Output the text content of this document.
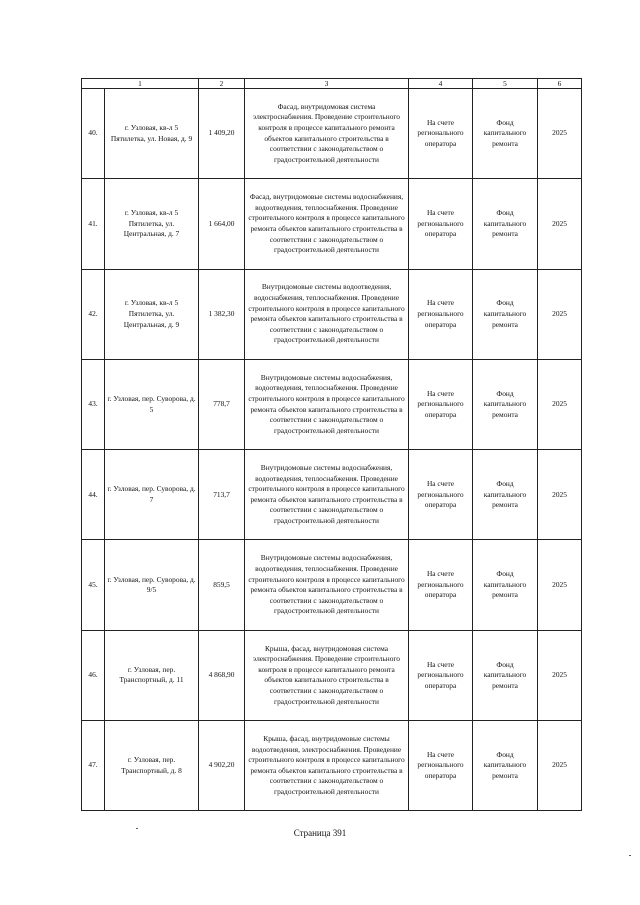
1		2	3	4	5	6
40.	г. Узловая, кв-л 5 Пятилетка, ул. Новая, д. 9	1 409,20	Фасад, внутридомовая система электроснабжения. Проведение строительного контроля в процессе капитального ремонта объектов капитального строительства в соответствии с законодательством о градостроительной деятельности	На счете регионального оператора	Фонд капитального ремонта	2025
41.	г. Узловая, кв-л 5 Пятилетка, ул. Центральная, д. 7	1 664,00	Фасад, внутридомовые системы водоснабжения, водоотведения, теплоснабжения. Проведение строительного контроля в процессе капитального ремонта объектов капитального строительства в соответствии с законодательством о градостроительной деятельности	На счете регионального оператора	Фонд капитального ремонта	2025
42.	г. Узловая, кв-л 5 Пятилетка, ул. Центральная, д. 9	1 382,30	Внутридомовые системы водоотведения, водоснабжения, теплоснабжения. Проведение строительного контроля в процессе капитального ремонта объектов капитального строительства в соответствии с законодательством о градостроительной деятельности	На счете регионального оператора	Фонд капитального ремонта	2025
43.	г. Узловая, пер. Суворова, д. 5	778,7	Внутридомовые системы водоснабжения, водоотведения, теплоснабжения. Проведение строительного контроля в процессе капитального ремонта объектов капитального строительства в соответствии с законодательством о градостроительной деятельности	На счете регионального оператора	Фонд капитального ремонта	2025
44.	г. Узловая, пер. Суворова, д. 7	713,7	Внутридомовые системы водоснабжения, водоотведения, теплоснабжения. Проведение строительного контроля в процессе капитального ремонта объектов капитального строительства в соответствии с законодательством о градостроительной деятельности	На счете регионального оператора	Фонд капитального ремонта	2025
45.	г. Узловая, пер. Суворова, д. 9/5	859,5	Внутридомовые системы водоснабжения, водоотведения, теплоснабжения. Проведение строительного контроля в процессе капитального ремонта объектов капитального строительства в соответствии с законодательством о градостроительной деятельности	На счете регионального оператора	Фонд капитального ремонта	2025
46.	г. Узловая, пер. Транспортный, д. 11	4 868,90	Крыша, фасад, внутридомовая система электроснабжения. Проведение строительного контроля в процессе капитального ремонта объектов капитального строительства в соответствии с законодательством о градостроительной деятельности	На счете регионального оператора	Фонд капитального ремонта	2025
47.	г. Узловая, пер. Транспортный, д. 8	4 902,20	Крыша, фасад, внутридомовые системы водоотведения, электроснабжения. Проведение строительного контроля в процессе капитального ремонта объектов капитального строительства в соответствии с законодательством о градостроительной деятельности	На счете регионального оператора	Фонд капитального ремонта	2025
Страница 391
